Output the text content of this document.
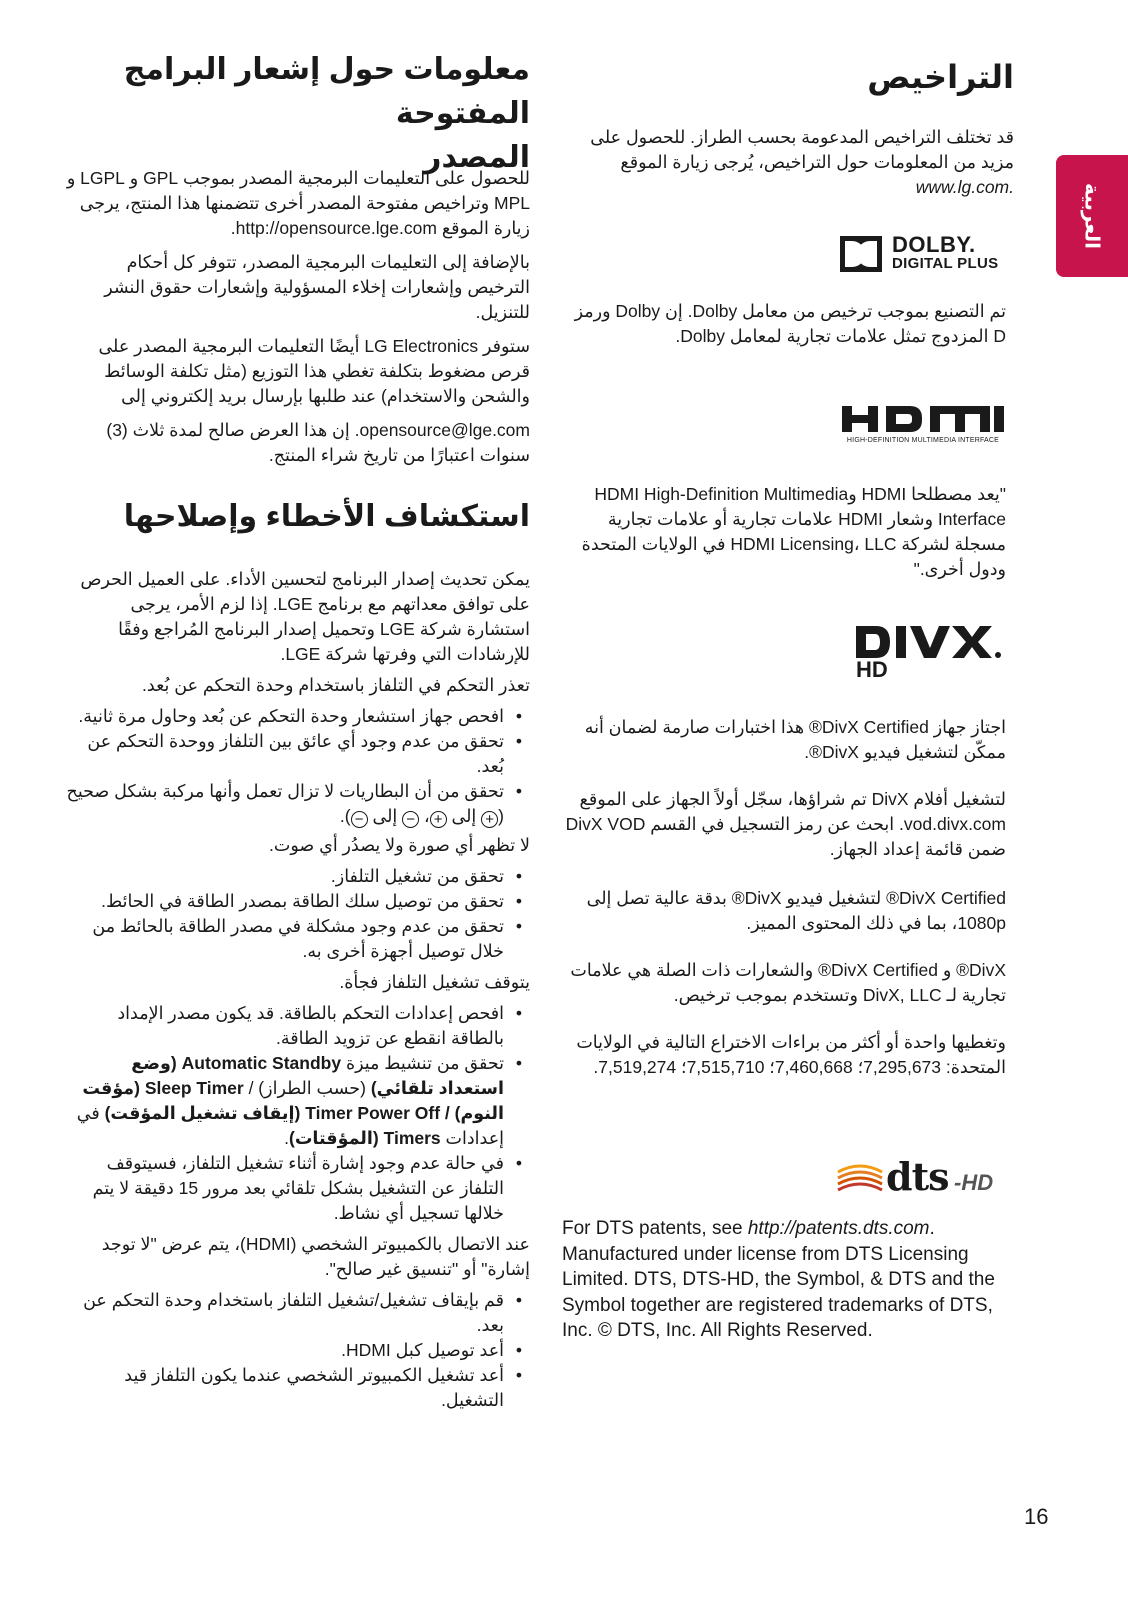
معلومات حول إشعار البرامج المفتوحة
المصدر

للحصول على التعليمات البرمجية المصدر بموجب GPL و LGPL و MPL وتراخيص مفتوحة المصدر أخرى تتضمنها هذا المنتج، يرجى زيارة الموقع http://opensource.lge.com.

بالإضافة إلى التعليمات البرمجية المصدر، تتوفر كل أحكام الترخيص وإشعارات إخلاء المسؤولية وإشعارات حقوق النشر للتنزيل.

ستوفر LG Electronics أيضًا التعليمات البرمجية المصدر على قرص مضغوط بتكلفة تغطي هذا التوزيع (مثل تكلفة الوسائط والشحن والاستخدام) عند طلبها بإرسال بريد إلكتروني إلى

opensource@lge.com. إن هذا العرض صالح لمدة ثلاث (3) سنوات اعتبارًا من تاريخ شراء المنتج.

استكشاف الأخطاء وإصلاحها

يمكن تحديث إصدار البرنامج لتحسين الأداء. على العميل الحرص على توافق معداتهم مع برنامج LGE. إذا لزم الأمر، يرجى استشارة شركة LGE وتحميل إصدار البرنامج المُراجع وفقًا للإرشادات التي وفرتها شركة LGE.

تعذر التحكم في التلفاز باستخدام وحدة التحكم عن بُعد.

• افحص جهاز استشعار وحدة التحكم عن بُعد وحاول مرة ثانية.
• تحقق من عدم وجود أي عائق بين التلفاز ووحدة التحكم عن بُعد.
• تحقق من أن البطاريات لا تزال تعمل وأنها مركبة بشكل صحيح (+ إلى +، − إلى −).

لا تظهر أي صورة ولا يصدُر أي صوت.

• تحقق من تشغيل التلفاز.
• تحقق من توصيل سلك الطاقة بمصدر الطاقة في الحائط.
• تحقق من عدم وجود مشكلة في مصدر الطاقة بالحائط من خلال توصيل أجهزة أخرى به.

يتوقف تشغيل التلفاز فجأة.

• افحص إعدادات التحكم بالطاقة. قد يكون مصدر الإمداد بالطاقة انقطع عن تزويد الطاقة.
• تحقق من تنشيط ميزة Automatic Standby (وضع استعداد تلقائي) (حسب الطراز) / Sleep Timer (مؤقت النوم) / Timer Power Off (إيقاف تشغيل المؤقت) في إعدادات Timers (المؤقتات).
• في حالة عدم وجود إشارة أثناء تشغيل التلفاز، فسيتوقف التلفاز عن التشغيل بشكل تلقائي بعد مرور 15 دقيقة لا يتم خلالها تسجيل أي نشاط.

عند الاتصال بالكمبيوتر الشخصي (HDMI)، يتم عرض "لا توجد إشارة" أو "تنسيق غير صالح".

• قم بإيقاف تشغيل/تشغيل التلفاز باستخدام وحدة التحكم عن بعد.
• أعد توصيل كبل HDMI.
• أعد تشغيل الكمبيوتر الشخصي عندما يكون التلفاز قيد التشغيل.
التراخيص

قد تختلف التراخيص المدعومة بحسب الطراز. للحصول على مزيد من المعلومات حول التراخيص، يُرجى زيارة الموقع www.lg.com.

DOLBY.
DIGITAL PLUS

تم التصنيع بموجب ترخيص من معامل Dolby. إن Dolby ورمز D المزدوج تمثل علامات تجارية لمعامل Dolby.

HIGH-DEFINITION MULTIMEDIA INTERFACE

"يعد مصطلحا HDMI وHDMI High-Definition Multimedia Interface وشعار HDMI علامات تجارية أو علامات تجارية مسجلة لشركة HDMI Licensing، LLC في الولايات المتحدة ودول أخرى."

HD

اجتاز جهاز DivX Certified® هذا اختبارات صارمة لضمان أنه ممكّن لتشغيل فيديو DivX®.

لتشغيل أفلام DivX تم شراؤها، سجّل أولاً الجهاز على الموقع vod.divx.com. ابحث عن رمز التسجيل في القسم DivX VOD ضمن قائمة إعداد الجهاز.

DivX Certified® لتشغيل فيديو DivX® بدقة عالية تصل إلى 1080p، بما في ذلك المحتوى المميز.

DivX® و DivX Certified® والشعارات ذات الصلة هي علامات تجارية لـ DivX, LLC وتستخدم بموجب ترخيص.

وتغطيها واحدة أو أكثر من براءات الاختراع التالية في الولايات المتحدة: 7,295,673؛ 7,460,668؛ 7,515,710؛ 7,519,274.

dts -HD

For DTS patents, see http://patents.dts.com. Manufactured under license from DTS Licensing Limited. DTS, DTS-HD, the Symbol, & DTS and the Symbol together are registered trademarks of DTS, Inc. © DTS, Inc. All Rights Reserved.

العربية
16
